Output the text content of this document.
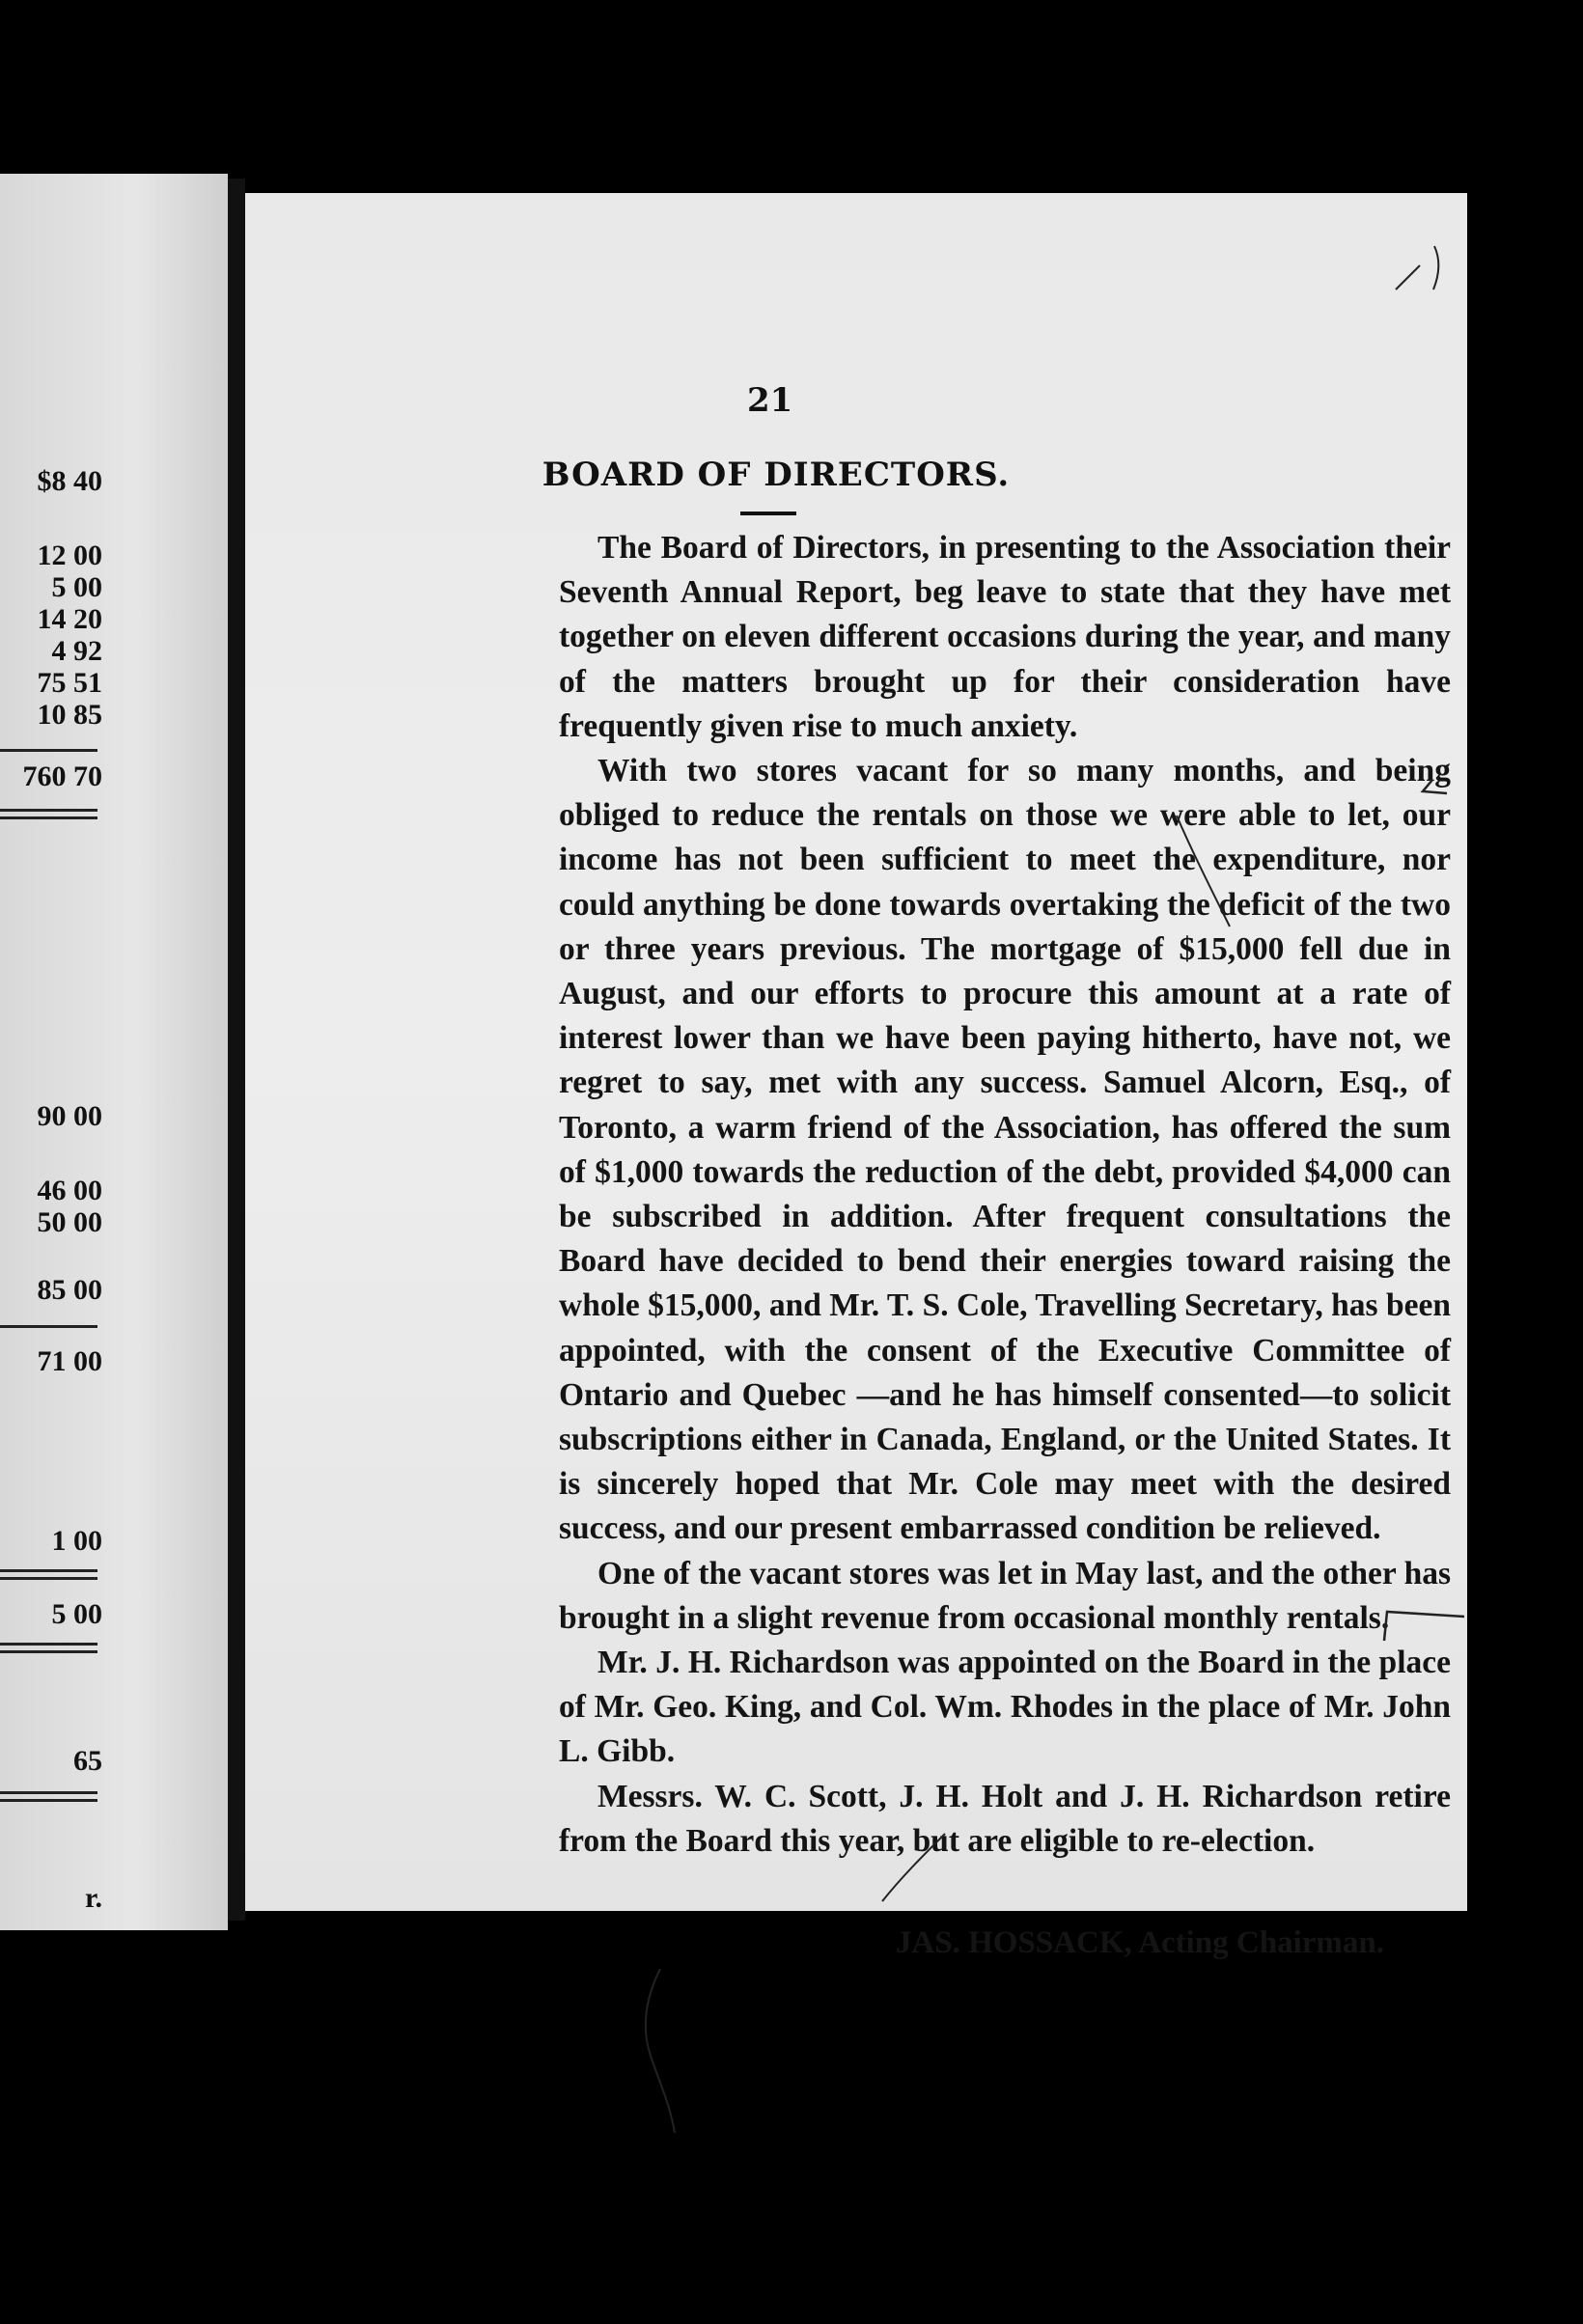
$8 40
12 00
5 00
14 20
4 92
75 51
10 85
760 70
90 00
46 00
50 00
85 00
71 00
1 00
5 00
65
r.
21
BOARD OF DIRECTORS.

The Board of Directors, in presenting to the Association their Seventh Annual Report, beg leave to state that they have met together on eleven different occasions during the year, and many of the matters brought up for their consideration have frequently given rise to much anxiety.

With two stores vacant for so many months, and being obliged to reduce the rentals on those we were able to let, our income has not been sufficient to meet the expenditure, nor could anything be done towards overtaking the deficit of the two or three years previous. The mortgage of $15,000 fell due in August, and our efforts to procure this amount at a rate of interest lower than we have been paying hitherto, have not, we regret to say, met with any success. Samuel Alcorn, Esq., of Toronto, a warm friend of the Association, has offered the sum of $1,000 towards the reduction of the debt, provided $4,000 can be subscribed in addition. After frequent consultations the Board have decided to bend their energies toward raising the whole $15,000, and Mr. T. S. Cole, Travelling Secretary, has been appointed, with the consent of the Executive Committee of Ontario and Quebec —and he has himself consented—to solicit subscriptions either in Canada, England, or the United States. It is sincerely hoped that Mr. Cole may meet with the desired success, and our present embarrassed condition be relieved.

One of the vacant stores was let in May last, and the other has brought in a slight revenue from occasional monthly rentals.

Mr. J. H. Richardson was appointed on the Board in the place of Mr. Geo. King, and Col. Wm. Rhodes in the place of Mr. John L. Gibb.

Messrs. W. C. Scott, J. H. Holt and J. H. Richardson retire from the Board this year, but are eligible to re-election.

JAS. HOSSACK, Acting Chairman.
